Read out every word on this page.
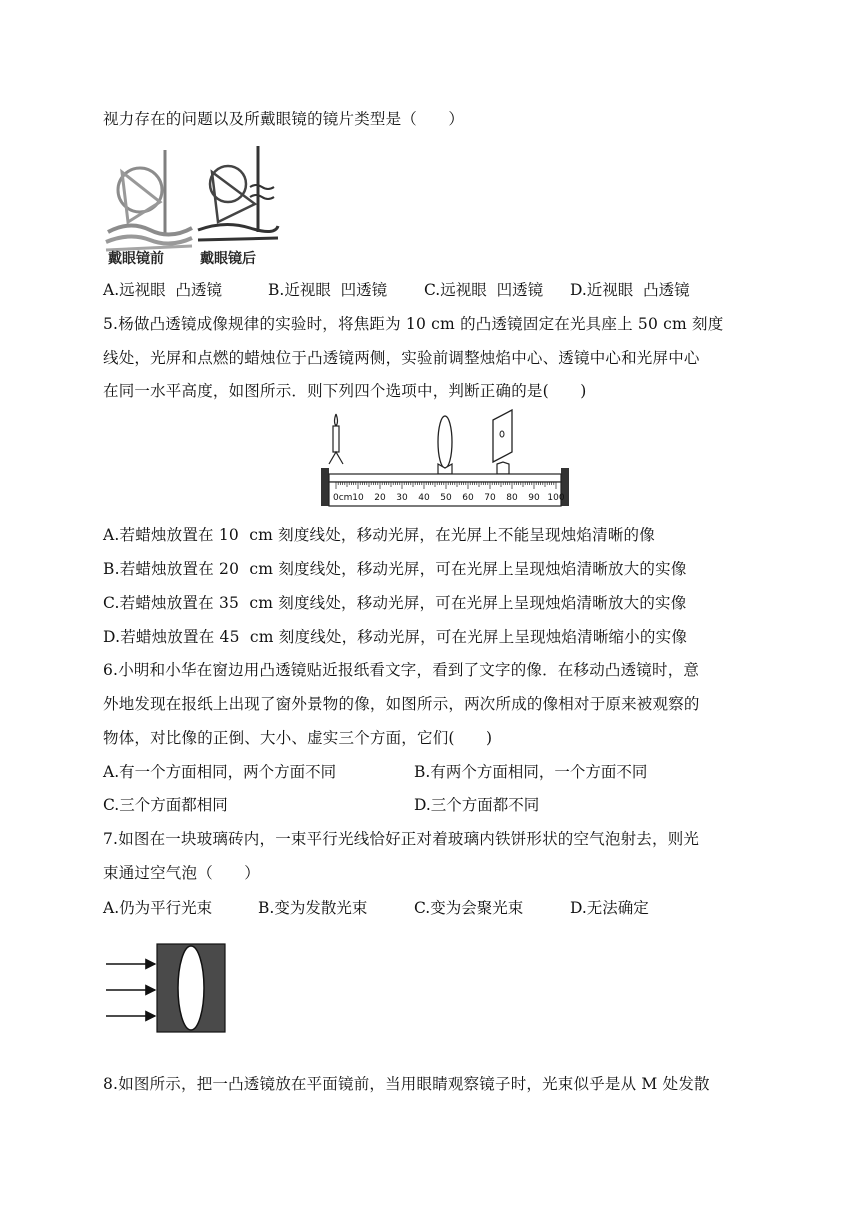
视力存在的问题以及所戴眼镜的镜片类型是（　　）
戴眼镜前	戴眼镜后
A.远视眼  凸透镜	B.近视眼  凹透镜 C.远视眼  凹透镜 D.近视眼  凸透镜
5.杨做凸透镜成像规律的实验时，将焦距为 10 cm 的凸透镜固定在光具座上 50 cm 刻度
线处，光屏和点燃的蜡烛位于凸透镜两侧，实验前调整烛焰中心、透镜中心和光屏中心
在同一水平高度，如图所示．则下列四个选项中，判断正确的是(　　)
0cm 10 20 30 40 50 60 70 80 90 100
A.若蜡烛放置在 10  cm 刻度线处，移动光屏，在光屏上不能呈现烛焰清晰的像
B.若蜡烛放置在 20  cm 刻度线处，移动光屏，可在光屏上呈现烛焰清晰放大的实像
C.若蜡烛放置在 35  cm 刻度线处，移动光屏，可在光屏上呈现烛焰清晰放大的实像
D.若蜡烛放置在 45  cm 刻度线处，移动光屏，可在光屏上呈现烛焰清晰缩小的实像
6.小明和小华在窗边用凸透镜贴近报纸看文字，看到了文字的像．在移动凸透镜时，意
外地发现在报纸上出现了窗外景物的像，如图所示，两次所成的像相对于原来被观察的
物体，对比像的正倒、大小、虚实三个方面，它们(　　)
A.有一个方面相同，两个方面不同	B.有两个方面相同，一个方面不同
C.三个方面都相同	D.三个方面都不同
7.如图在一块玻璃砖内，一束平行光线恰好正对着玻璃内铁饼形状的空气泡射去，则光
束通过空气泡（　　）
A.仍为平行光束	B.变为发散光束	C.变为会聚光束	D.无法确定
8.如图所示，把一凸透镜放在平面镜前，当用眼睛观察镜子时，光束似乎是从 M 处发散
